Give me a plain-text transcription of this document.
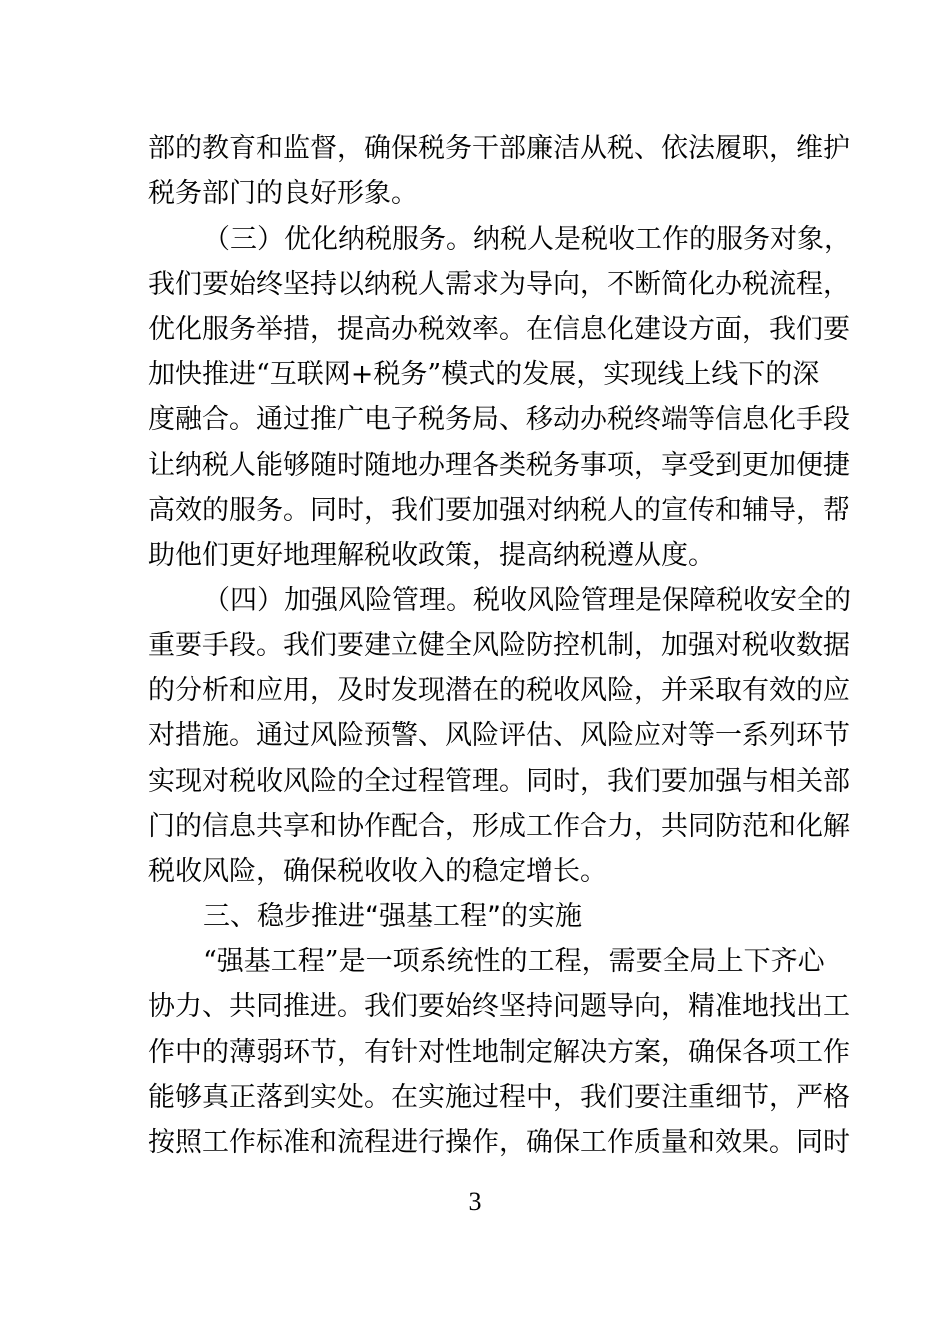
部的教育和监督，确保税务干部廉洁从税、依法履职，维护
税务部门的良好形象。
（三）优化纳税服务。纳税人是税收工作的服务对象，
我们要始终坚持以纳税人需求为导向，不断简化办税流程，
优化服务举措，提高办税效率。在信息化建设方面，我们要
加快推进“互联网+税务”模式的发展，实现线上线下的深
度融合。通过推广电子税务局、移动办税终端等信息化手段
让纳税人能够随时随地办理各类税务事项，享受到更加便捷
高效的服务。同时，我们要加强对纳税人的宣传和辅导，帮
助他们更好地理解税收政策，提高纳税遵从度。
（四）加强风险管理。税收风险管理是保障税收安全的
重要手段。我们要建立健全风险防控机制，加强对税收数据
的分析和应用，及时发现潜在的税收风险，并采取有效的应
对措施。通过风险预警、风险评估、风险应对等一系列环节
实现对税收风险的全过程管理。同时，我们要加强与相关部
门的信息共享和协作配合，形成工作合力，共同防范和化解
税收风险，确保税收收入的稳定增长。
三、稳步推进“强基工程”的实施
“强基工程”是一项系统性的工程，需要全局上下齐心
协力、共同推进。我们要始终坚持问题导向，精准地找出工
作中的薄弱环节，有针对性地制定解决方案，确保各项工作
能够真正落到实处。在实施过程中，我们要注重细节，严格
按照工作标准和流程进行操作，确保工作质量和效果。同时
3
